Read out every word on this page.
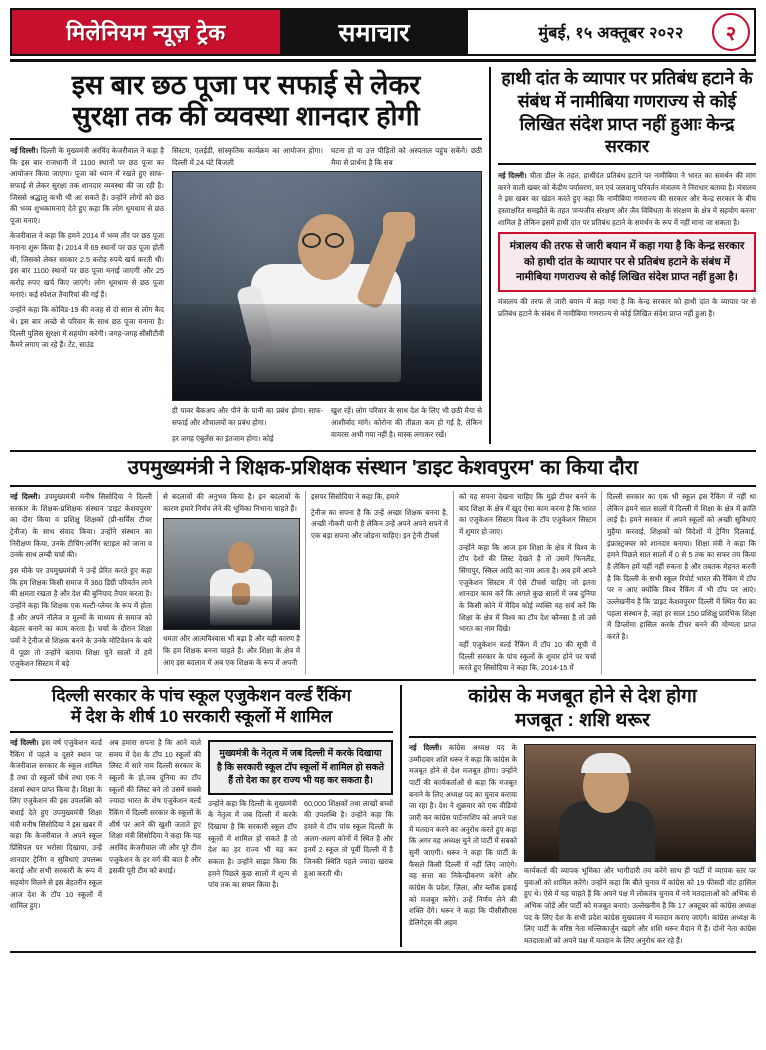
मिलेनियम न्यूज़ ट्रेक	समाचार	मुंबई, १५ अक्तूबर २०२२	२
इस बार छठ पूजा पर सफाई से लेकर
सुरक्षा तक की व्यवस्था शानदार होगी

नई दिल्ली। दिल्ली के मुख्यमंत्री अरविंद केजरीवाल ने कहा है कि इस बार राजधानी में 1100 स्थानों पर छठ पूजा का आयोजन किया जाएगा। पूजा को ध्यान में रखते हुए साफ-सफाई से लेकर सुरक्षा तक शानदार व्यवस्था की जा रही है। जिससे श्रद्धालु कभी भी आ सकते हैं। उन्होंने लोगों को छठ की भव्य शुभकामनाएं देते हुए कहा कि लोग धूमधाम से छठ पूजा मनाएं।

केजरीवाल ने कहा कि हमने 2014 में भव्य तौर पर छठ पूजा मनाना शुरू किया है। 2014 में 69 स्थानों पर छठ पूजा होती थी, जिसको लेकर सरकार 2.5 करोड़ रुपये खर्च करती थी। इस बार 1100 स्थानों पर छठ पूजा मनाई जाएगी और 25 करोड़ रुपए खर्च किए जाएंगे। लोग धूमधाम से छठ पूजा मनाएं। कई स्पेशल तैयारियां की गई हैं।

उन्होंने कहा कि कोविड-19 की वजह से दो साल से लोग कैद थे। इस बार अच्छे से परिवार के साथ छठ पूजा मनाना है। दिल्ली पुलिस सुरक्षा में सहयोग करेगी। जगह-जगह सीसीटीवी कैमरे लगाए जा रहे हैं। टेंट, साउंड

सिस्टम, एलईडी, सांस्कृतिक कार्यक्रम का आयोजन होगा। दिल्ली में 24 घंटे बिजली

घटना हो या उत्त पीड़ितों को अस्पताल पहुंच सकेंगे। छठी मैया से प्रार्थना है कि सब

ही पावर बैकअप और पीने के पानी का प्रबंध होगा। साफ-सफाई और शौचालयों का प्रबंध होगा।

हर जगह एंबुलेंस का इंतजाम होगा। कोई

खुश रहें। लोग परिवार के साथ देश के लिए भी छठी मैया से आशीर्वाद मांगे। कोरोना की तीव्रता कम हो गई है, लेकिन वायरस अभी गया नहीं है। मास्क लगाकर रखें।

हाथी दांत के व्यापार पर प्रतिबंध हटाने के संबंध में नामीबिया गणराज्य से कोई लिखित संदेश प्राप्त नहीं हुआः केन्द्र सरकार

नई दिल्ली। चीता डील के तहत, हाथीदंत प्रतिबंध हटाने पर नामीबिया ने भारत का समर्थन की मांग करने वाली खबर को केंद्रीय पर्यावरण, वन एवं जलवायु परिवर्तन मंत्रालय ने निराधार बताया है। मंत्रालय ने इस खबर का खंडन करते हुए कहा कि नामीबिया गणराज्य की सरकार और केन्द्र सरकार के बीच हस्ताक्षरित समझौते के तहत 'वन्यजीव संरक्षण और जैव विविधता के संरक्षण के क्षेत्र में सहयोग करना' शामिल है लेकिन इसमें हाथी दांत पर प्रतिबंध हटाने के समर्थन के रूप में नहीं माना जा सकता है।

मंत्रालय की तरफ से जारी बयान में कहा गया है कि केन्द्र सरकार को हाथी दांत के व्यापार पर से प्रतिबंध हटाने के संबंध में नामीबिया गणराज्य से कोई लिखित संदेश प्राप्त नहीं हुआ है।

मंत्रालय की तरफ से जारी बयान में कहा गया है कि केन्द्र सरकार को हाथी दांत के व्यापार पर से प्रतिबंध हटाने के संबंध में नामीबिया गणराज्य से कोई लिखित संदेश प्राप्त नहीं हुआ है।

उपमुख्यमंत्री ने शिक्षक-प्रशिक्षक संस्थान 'डाइट केशवपुरम' का किया दौरा

नई दिल्ली। उपमुख्यमंत्री मनीष सिसोदिया ने दिल्ली सरकार के शिक्षक-प्रशिक्षक संस्थान 'डाइट केशवपुरम' का दौरा किया व प्रशिक्षु शिक्षकों (प्री-सर्विस टीचर ट्रेनीज) के साथ संवाद किया। उन्होंने संस्थान का निरीक्षण किया, उनके टीचिंग-लर्निंग स्टाइल को जाना व उनके साथ लम्बी चर्चा की।

इस मौके पर उपमुख्यमंत्री ने उन्हें प्रेरित करते हुए कहा कि हम शिक्षक किसी समाज में 360 डिग्री परिवर्तन लाने की क्षमता रखता है और देश की बुनियाद तैयार करता है। उन्होंने कहा कि शिक्षक एक मल्टी-प्लेयर के रूप में होता है और अपने नॉलेज व मूल्यों के माध्यम से समाज को बेहतर बनाने का काम करता है। चर्चा के दौरान शिक्षा पर्वो ने ट्रेनीज से शिक्षक बनने के उनके मोटिवेशन के बारे में पूछा तो उन्होंने बताया शिक्षा चुने सालों में हमें एजुकेशन सिस्टम में बड़े

से बदलावों की अनुभव किया है। इन बदलावों के कारण हमारे निर्णय लेने की भूमिका निभाना चाहते हैं।

धमता और आत्मविश्वास भी बढ़ा है और यही कारण है कि हम शिक्षक बनना चाहते हैं। और शिक्षा के क्षेत्र में आए इस बदलाव में अब एक शिक्षक के रूप में अपनी

इसपर सिसोदिया ने कहा कि, हमारे

ट्रेनीज का सपना है कि उन्हें अच्छा शिक्षक बनना है, अच्छी नौकरी पानी है लेकिन उन्हें अपने अपने सपने में एक बड़ा सपना और जोड़ना चाहिए। इन ट्रेनी टीचर्स

को यह सपना देखना चाहिए कि मुझे टीचर बनने के बाद शिक्षा के क्षेत्र में खुद ऐसा काम करना है कि भारत का एजुकेशन सिस्टम विश्व के टॉप एजुकेशन सिस्टम में शुमार हो जाए।

उन्होंने कहा कि आज हम शिक्षा के क्षेत्र में विश्व के टॉप देशों की लिस्ट देखते है तो उसमें फिनलैंड, सिंगापुर, स्किल आदि का नाम आता है। अब हमें अपने एजुकेशन सिस्टम में ऐसे टीचर्स चाहिए जो इतना शानदार काम करें कि अगले कुछ सालों में जब दुनिया के किसी कोने में मैदिव कोई व्यक्ति यह सर्च करें कि शिक्षा के क्षेत्र में विश्व का टॉप देश कौनसा है तो उसे भारत का नाम दिखे।

वहीं एजुकेशन वर्ल्ड रैंकिंग में टॉप 10 की सूची में दिल्ली सरकार के पांच स्कूलों के शुमार होने पर चर्चा करते हुए सिसोदिया ने कहा कि, 2014-15 में

दिल्ली सरकार का एक भी स्कूल इस रैंकिंग में नहीं था लेकिन हमने सात सालों में दिल्ली में शिक्षा के क्षेत्र में क्रांति लाई है। हमने सरकार में अपने स्कूलों को अच्छी सुविधाएं मुहैया करवाई, शिक्षकों को विदेशों में ट्रेनिंग दिलवाई, इंफ्रास्ट्रक्चर को शानदार बनाया। शिक्षा मंत्री ने कहा कि हमने पिछले सात सालों में 0 से 5 तक का सफर तय किया है लेकिन हमें यहीं नहीं रुकना है और तबतक मेहनत करनी है कि दिल्ली के सभी स्कूल रिपोर्ट भारत की रैंकिंग में टॉप पर न आए क्योंकि विश्व रैंकिंग में भी टॉप पर आएं। उल्लेखनीय है कि 'डाइट केशवपुरम' दिल्ली में स्थित पैरा का पहला संस्थान है, जहां हर साल 150 प्रशिक्षु प्रारंभिक शिक्षा में डिप्लोमा हासिल करके टीचर बनने की योग्यता प्राप्त करते है।

दिल्ली सरकार के पांच स्कूल एजुकेशन वर्ल्ड रैंकिंग
में देश के शीर्ष 10 सरकारी स्कूलों में शामिल

नई दिल्ली। इस वर्ष एजुकेशन वर्ल्ड रैंकिंग में पहले व दूसरे स्थान पर केजरीवाल सरकार के स्कूल शामिल है तथा दो स्कूलों चौथे तथा एक ने दसवां स्थान प्राप्त किया है। शिक्षा के लिए एजुकेशन की इस उपलब्धि को बधाई देते हुए उपमुख्यमंत्री शिक्षा मंत्री मनीष सिसोदिया ने इस खबर में कहा कि केजरीवाल ने अपने स्कूल प्रिंसिपल पर भरोसा दिखाया, उन्हें शानदार ट्रेनिंग व सुविधाएं उपलब्ध कराई और सभी सरकारी के रूप में सहयोग मिलने से इस बेहतरीन स्कूल आज देश के टॉप 10 स्कूलों में शामिल हुए।

अब हमारा सपना है कि आने वाले समय में देश के टॉप 10 स्कूलों की लिस्ट में सारे नाम दिल्ली सरकार के स्कूलों के हो,जब दुनिया का टॉप स्कूलों की लिस्ट बने तो उसमें सबसे ज्यादा भारत के शेष एजुकेशन वर्ल्ड रैंकिंग में दिल्ली सरकार के स्कूलों के शीर्ष पर आने की खुशी जताते हुए शिक्षा मंत्री सिसोदिया ने कहा कि यह अरविंद केजरीवाल जी और पूरे टीम एजुकेशन के हर वर्ग की बात है और इसकी पूरी टीम को बधाई।

मुख्यमंत्री के नेतृत्व में जब दिल्ली में करके दिखाया है कि सरकारी स्कूल टॉप स्कूलों में शामिल हो सकते हैं तो देश का हर राज्य भी यह कर सकता है।

उन्होंने कहा कि दिल्ली के मुख्यमंत्री के नेतृत्व में जब दिल्ली में करके दिखाया है कि सरकारी स्कूल टॉप स्कूलों में शामिल हो सकते हैं तो देश का हर राज्य भी यह कर सकता है। उन्होंने साझा किया कि हमने पिछले कुछ सालों में शून्य से पांच तक का सफर किया है।

60,000 शिक्षकों तथा लाखों बच्चों की उपलब्धि है। उन्होंने कहा कि हमारे ये टॉप पांच स्कूल दिल्ली के अलग-अलग कोनों में स्थित है और इनमें 2 स्कूल तो पूर्वी दिल्ली में है जिनकी स्थिति पहले ज्यादा खराब हुआ करती थी।

कांग्रेस के मजबूत होने से देश होगा
मजबूत : शशि थरूर

नई दिल्ली। कांग्रेस अध्यक्ष पद के उम्मीदवार शशि थरूर ने कहा कि कांग्रेस के मजबूत होने से देश मजबूत होगा। उन्होंने पार्टी की कार्यकर्ताओं से कहा कि मजबूत बनाने के लिए अध्यक्ष पद का चुनाव कराया जा रहा है। देश ने शुक्रवार को एक वीडियो जारी कर कांग्रेस पार्टनरशिप को अपने पक्ष में मतदान करने का अनुरोध करते हुए कहा कि अगर वह अध्यक्ष चुने तो पार्टी में सबको सुनी जाएगी। थरूर ने कहा कि पार्टी के फैसले किसी दिल्ली में नहीं लिए जाएंगे। वह सत्ता का निकेन्द्रीकरण करेंगे और कांग्रेस के प्रदेश, ज़िला, और ब्लॉक इकाई को मजबूत करेंगे। उन्हें निर्णय लेने की शक्ति देंगे। थरूर ने कहा कि पीसीसीएस डेलिगेट्स की अहम

कार्यकर्ता की व्यापक भूमिका और भागीदारी तय करेंगे साथ ही पार्टी में व्यापक स्तर पर युवाओं को शामिल करेंगे। उन्होंने कहा कि बीते चुनाव में कांग्रेस को 19 फीसदी वोट हासिल हुए थे। ऐसे में यह चाहते हैं कि अपने पक्ष में लोकतंत्र चुनाव में नये मतदाताओं को अभिक से अभिक जोड़ें और पार्टी को मजबूत बनाएं। उल्लेखनीय है कि 17 अक्टूबर को कांग्रेस अध्यक्ष पद के लिए देश के सभी प्रदेश कांग्रेस मुख्यालय में मतदान कराए जाएंगे। कांग्रेस अध्यक्ष के लिए पार्टी के वरिष्ठ नेता मल्लिकार्जुन खड़गे और शशि थरूर मैदान में हैं। दोनों नेता कांग्रेस मतदाताओं को अपने पक्ष में मतदान के लिए अनुरोध कर रहे हैं।
